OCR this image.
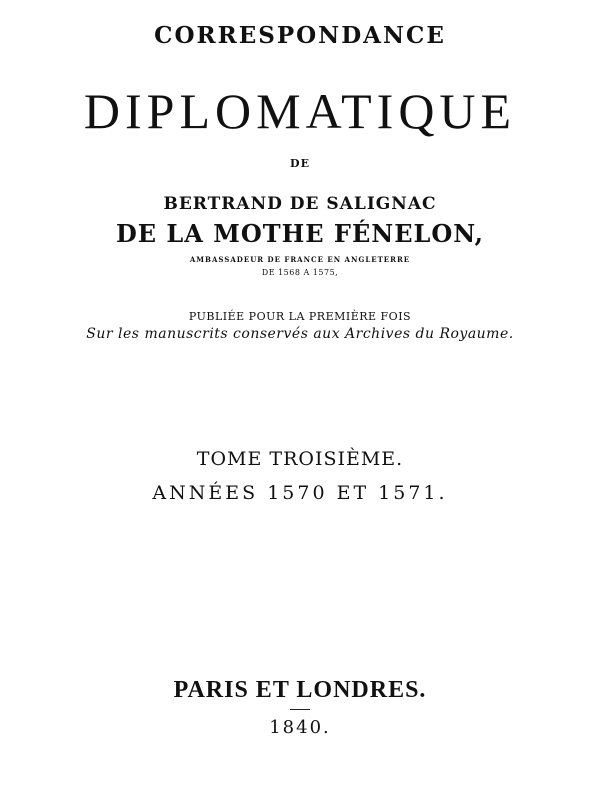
CORRESPONDANCE
DIPLOMATIQUE
DE
BERTRAND DE SALIGNAC
DE LA MOTHE FÉNELON,
AMBASSADEUR DE FRANCE EN ANGLETERRE
DE 1568 A 1575,
PUBLIÉE POUR LA PREMIÈRE FOIS
Sur les manuscrits conservés aux Archives du Royaume.
TOME TROISIÈME.
ANNÉES 1570 ET 1571.
PARIS ET LONDRES.
1840.
